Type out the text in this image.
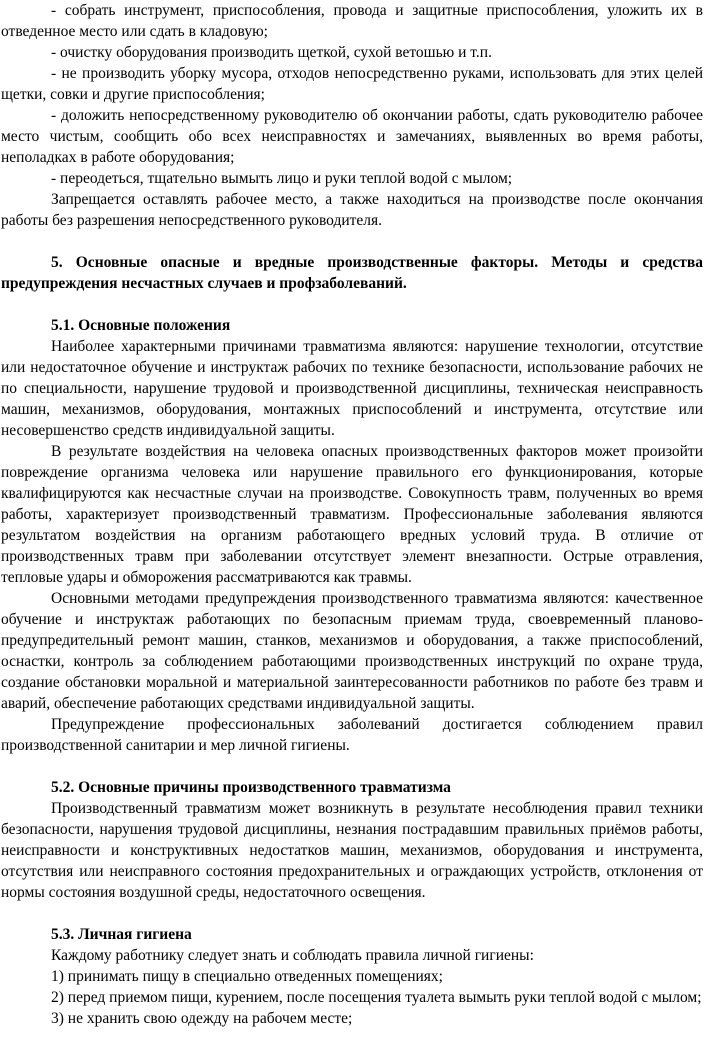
- собрать инструмент, приспособления, провода и защитные приспособления, уложить их в отведенное место или сдать в кладовую;

- очистку оборудования производить щеткой, сухой ветошью и т.п.

- не производить уборку мусора, отходов непосредственно руками, использовать для этих целей щетки, совки и другие приспособления;

- доложить непосредственному руководителю об окончании работы, сдать руководителю рабочее место чистым, сообщить обо всех неисправностях и замечаниях, выявленных во время работы, неполадках в работе оборудования;

- переодеться, тщательно вымыть лицо и руки теплой водой с мылом;

Запрещается оставлять рабочее место, а также находиться на производстве после окончания работы без разрешения непосредственного руководителя.

5. Основные опасные и вредные производственные факторы. Методы и средства предупреждения несчастных случаев и профзаболеваний.
5.1. Основные положения

Наиболее характерными причинами травматизма являются: нарушение технологии, отсутствие или недостаточное обучение и инструктаж рабочих по технике безопасности, использование рабочих не по специальности, нарушение трудовой и производственной дисциплины, техническая неисправность машин, механизмов, оборудования, монтажных приспособлений и инструмента, отсутствие или несовершенство средств индивидуальной защиты.

В результате воздействия на человека опасных производственных факторов может произойти повреждение организма человека или нарушение правильного его функционирования, которые квалифицируются как несчастные случаи на производстве. Совокупность травм, полученных во время работы, характеризует производственный травматизм. Профессиональные заболевания являются результатом воздействия на организм работающего вредных условий труда. В отличие от производственных травм при заболевании отсутствует элемент внезапности. Острые отравления, тепловые удары и обморожения рассматриваются как травмы.

Основными методами предупреждения производственного травматизма являются: качественное обучение и инструктаж работающих по безопасным приемам труда, своевременный планово-предупредительный ремонт машин, станков, механизмов и оборудования, а также приспособлений, оснастки, контроль за соблюдением работающими производственных инструкций по охране труда, создание обстановки моральной и материальной заинтересованности работников по работе без травм и аварий, обеспечение работающих средствами индивидуальной защиты.

Предупреждение профессиональных заболеваний достигается соблюдением правил производственной санитарии и мер личной гигиены.

5.2. Основные причины производственного травматизма

Производственный травматизм может возникнуть в результате несоблюдения правил техники безопасности, нарушения трудовой дисциплины, незнания пострадавшим правильных приёмов работы, неисправности и конструктивных недостатков машин, механизмов, оборудования и инструмента, отсутствия или неисправного состояния предохранительных и ограждающих устройств, отклонения от нормы состояния воздушной среды, недостаточного освещения.

5.3. Личная гигиена

Каждому работнику следует знать и соблюдать правила личной гигиены:

1) принимать пищу в специально отведенных помещениях;

2) перед приемом пищи, курением, после посещения туалета вымыть руки теплой водой с мылом;

3) не хранить свою одежду на рабочем месте;
